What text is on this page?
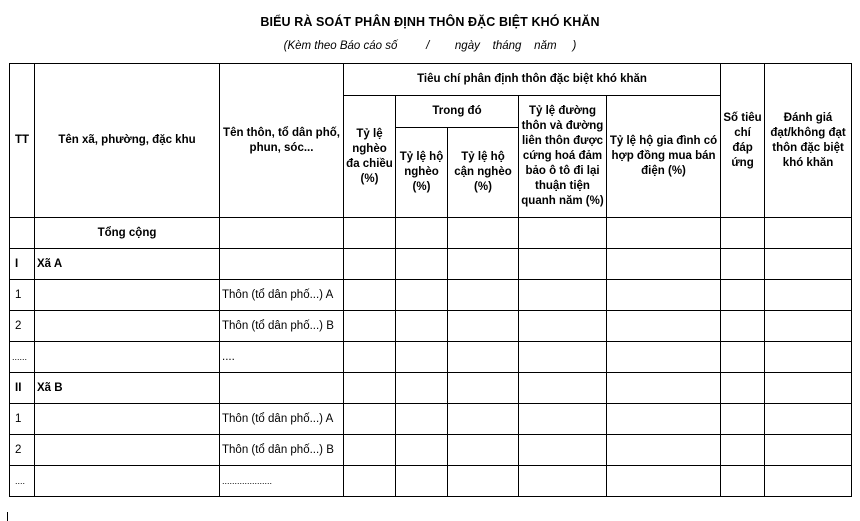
BIỂU RÀ SOÁT PHÂN ĐỊNH THÔN ĐẶC BIỆT KHÓ KHĂN
(Kèm theo Báo cáo số         /        ngày    tháng    năm     )
TT	Tên xã, phường, đặc khu	Tên thôn, tổ dân phố, phun, sóc...	Tiêu chí phân định thôn đặc biệt khó khăn					Số tiêu chí đáp ứng	Đánh giá đạt/không đạt thôn đặc biệt khó khăn
			Tỷ lệ nghèo đa chiều (%)	Trong đó		Tỷ lệ đường thôn và đường liên thôn được cứng hoá đảm bảo ô tô đi lại thuận tiện quanh năm (%)	Tỷ lệ hộ gia đình có hợp đồng mua bán điện (%)		
				Tỷ lệ hộ nghèo (%)	Tỷ lệ hộ cận nghèo (%)				
	Tổng cộng								
I	Xã A								
1		Thôn (tổ dân phố...) A							
2		Thôn (tổ dân phố...) B							
......		....							
II	Xã B								
1		Thôn (tổ dân phố...) A							
2		Thôn (tổ dân phố...) B							
....		....................							
